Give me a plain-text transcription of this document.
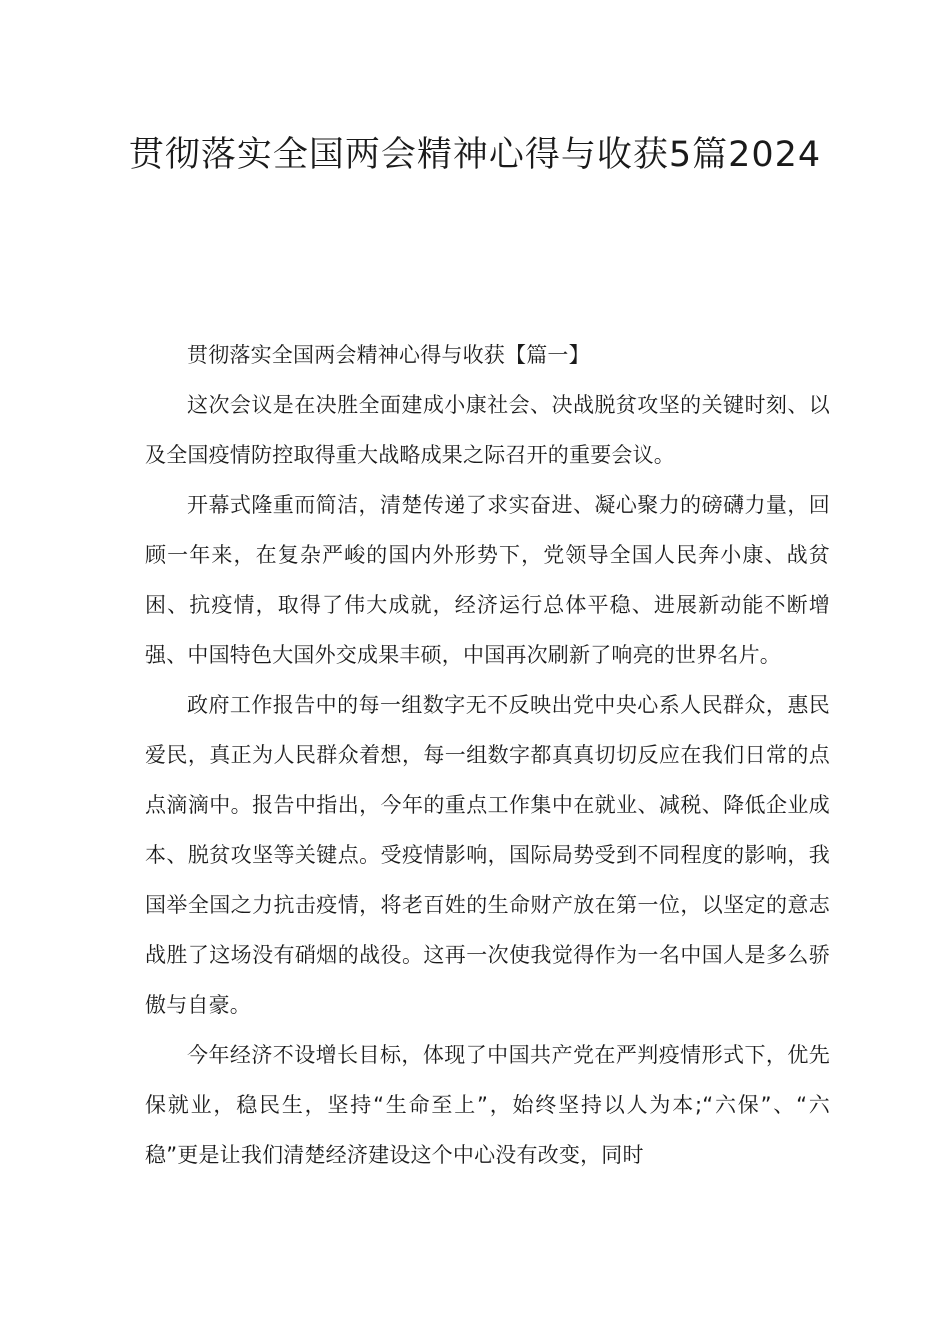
贯彻落实全国两会精神心得与收获5篇2024

贯彻落实全国两会精神心得与收获【篇一】

这次会议是在决胜全面建成小康社会、决战脱贫攻坚的关键时刻、以及全国疫情防控取得重大战略成果之际召开的重要会议。

开幕式隆重而简洁，清楚传递了求实奋进、凝心聚力的磅礴力量，回顾一年来，在复杂严峻的国内外形势下，党领导全国人民奔小康、战贫困、抗疫情，取得了伟大成就，经济运行总体平稳、进展新动能不断增强、中国特色大国外交成果丰硕，中国再次刷新了响亮的世界名片。

政府工作报告中的每一组数字无不反映出党中央心系人民群众，惠民爱民，真正为人民群众着想，每一组数字都真真切切反应在我们日常的点点滴滴中。报告中指出，今年的重点工作集中在就业、减税、降低企业成本、脱贫攻坚等关键点。受疫情影响，国际局势受到不同程度的影响，我国举全国之力抗击疫情，将老百姓的生命财产放在第一位，以坚定的意志战胜了这场没有硝烟的战役。这再一次使我觉得作为一名中国人是多么骄傲与自豪。

今年经济不设增长目标，体现了中国共产党在严判疫情形式下，优先保就业，稳民生，坚持“生命至上”，始终坚持以人为本;“六保”、“六稳”更是让我们清楚经济建设这个中心没有改变，同时
